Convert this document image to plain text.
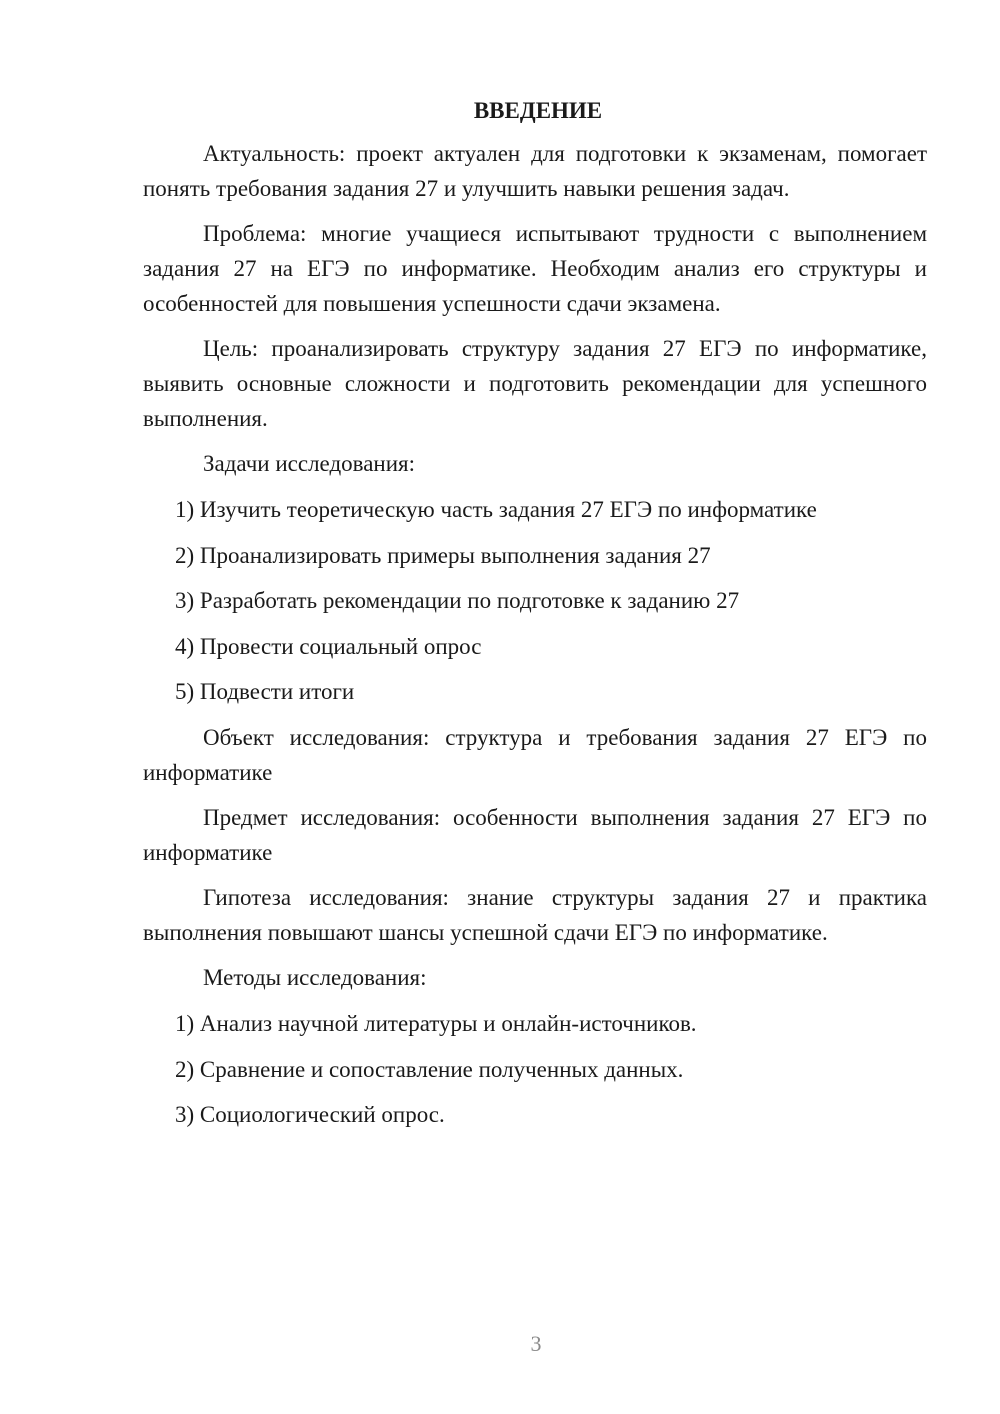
ВВЕДЕНИЕ

Актуальность: проект актуален для подготовки к экзаменам, помогает понять требования задания 27 и улучшить навыки решения задач.

Проблема: многие учащиеся испытывают трудности с выполнением задания 27 на ЕГЭ по информатике. Необходим анализ его структуры и особенностей для повышения успешности сдачи экзамена.

Цель: проанализировать структуру задания 27 ЕГЭ по информатике, выявить основные сложности и подготовить рекомендации для успешного выполнения.

Задачи исследования:

1) Изучить теоретическую часть задания 27 ЕГЭ по информатике
2) Проанализировать примеры выполнения задания 27
3) Разработать рекомендации по подготовке к заданию 27
4) Провести социальный опрос
5) Подвести итоги

Объект исследования: структура и требования задания 27 ЕГЭ по информатике

Предмет исследования: особенности выполнения задания 27 ЕГЭ по информатике

Гипотеза исследования: знание структуры задания 27 и практика выполнения повышают шансы успешной сдачи ЕГЭ по информатике.

Методы исследования:

1) Анализ научной литературы и онлайн-источников.
2) Сравнение и сопоставление полученных данных.
3) Социологический опрос.
3
